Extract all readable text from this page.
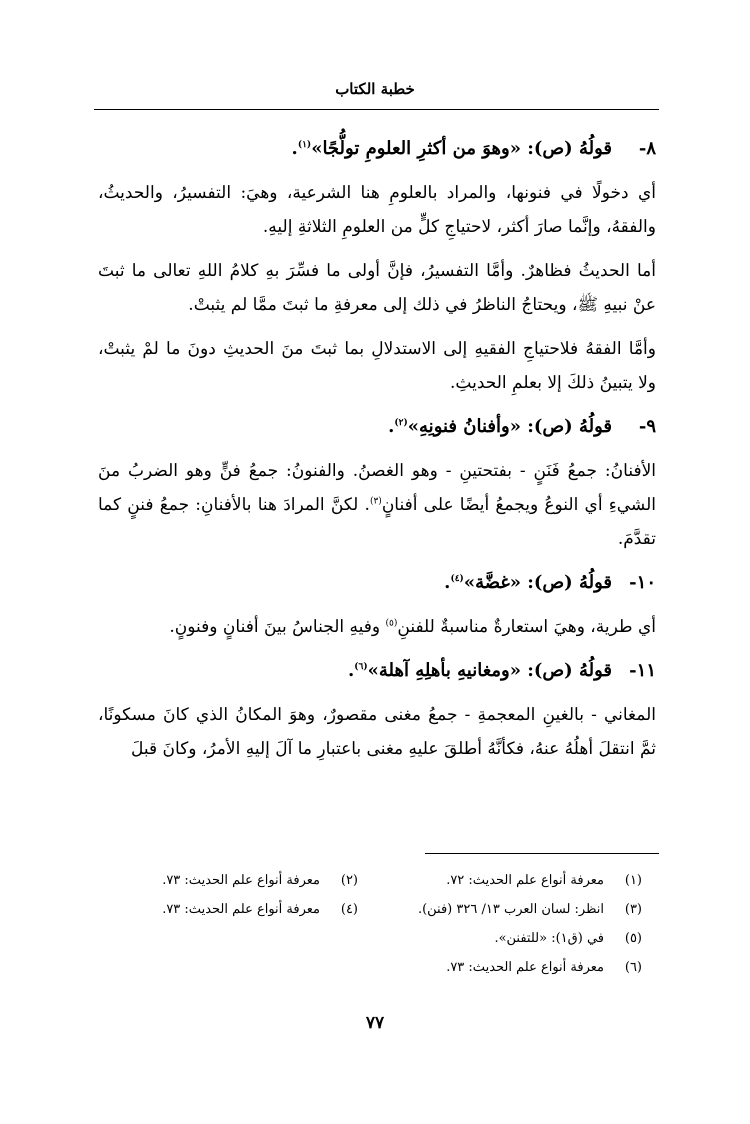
خطبة الكتاب
٨-قولُهُ (ص): «وهوَ من أكثرِ العلومِ تولُّجًا»$^{(١)}$.

أي دخولًا في فنونها، والمراد بالعلومِ هنا الشرعية، وهيَ: التفسيرُ، والحديثُ، والفقهُ، وإنَّما صارَ أكثر، لاحتياجِ كلٍّ من العلومِ الثلاثةِ إليهِ.

أما الحديثُ فظاهرٌ. وأمَّا التفسيرُ، فإنَّ أولى ما فسِّرَ بهِ كلامُ اللهِ تعالى ما ثبتَ عنْ نبيهِ ﷺ، ويحتاجُ الناظرُ في ذلك إلى معرفةِ ما ثبتَ ممَّا لم يثبتْ.

وأمَّا الفقهُ فلاحتياجِ الفقيهِ إلى الاستدلالِ بما ثبتَ منَ الحديثِ دونَ ما لمْ يثبتْ، ولا يتبينُ ذلكَ إلا بعلمِ الحديثِ.

٩-قولُهُ (ص): «وأفنانُ فنونِهِ»$^{(٢)}$.

الأفنانُ: جمعُ فَنَنٍ - بفتحتينِ - وهو الغصنُ. والفنونُ: جمعُ فنٍّ وهو الضربُ منَ الشيءِ أي النوعُ ويجمعُ أيضًا على أفنانٍ$^{(٣)}$. لكنَّ المرادَ هنا بالأفنانِ: جمعُ فننٍ كما تقدَّمَ.

١٠-قولُهُ (ص): «غضَّة»$^{(٤)}$.

أي طرية، وهيَ استعارةٌ مناسبةٌ للفننِ$^{(٥)}$ وفيهِ الجناسُ بينَ أفنانٍ وفنونٍ.

١١-قولُهُ (ص): «ومغانيهِ بأهلِهِ آهلة»$^{(٦)}$.

المغاني - بالغينِ المعجمةِ - جمعُ مغنى مقصورٌ، وهوَ المكانُ الذي كانَ مسكونًا، ثمَّ انتقلَ أهلُهُ عنهُ، فكأنَّهُ أطلقَ عليهِ مغنى باعتبارِ ما آلَ إليهِ الأمرُ، وكانَ قبلَ

(١)معرفة أنواع علم الحديث: ٧٢.
(٢)معرفة أنواع علم الحديث: ٧٣.
(٣)انظر: لسان العرب ١٣/ ٣٢٦ (فنن).
(٤)معرفة أنواع علم الحديث: ٧٣.
(٥)في (ق١): «للتفنن».
(٦)معرفة أنواع علم الحديث: ٧٣.
٧٧
